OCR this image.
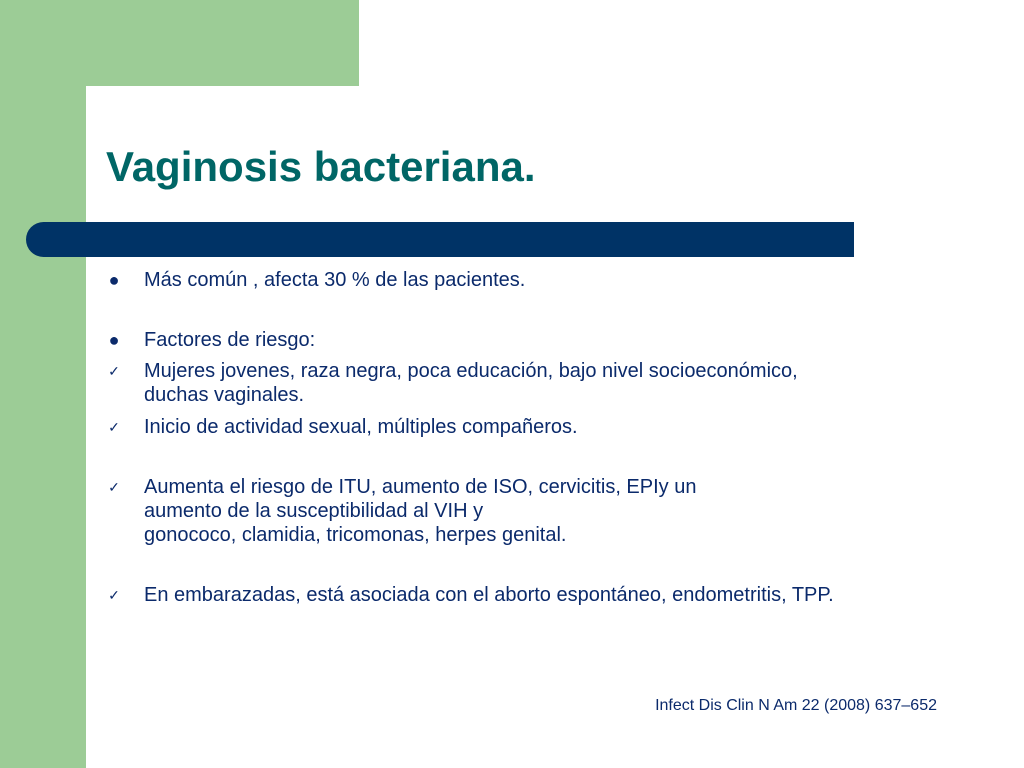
Vaginosis bacteriana.
● Más común , afecta 30 % de las pacientes.
● Factores de riesgo:
✓ Mujeres jovenes, raza negra, poca educación, bajo nivel socioeconómico, duchas vaginales.
✓ Inicio de actividad sexual, múltiples compañeros.
✓ Aumenta el riesgo de ITU, aumento de ISO, cervicitis, EPIy un
aumento de la susceptibilidad al VIH y
gonococo, clamidia, tricomonas, herpes genital.
✓ En embarazadas, está asociada con el aborto espontáneo, endometritis, TPP.
Infect Dis Clin N Am 22 (2008) 637–652
